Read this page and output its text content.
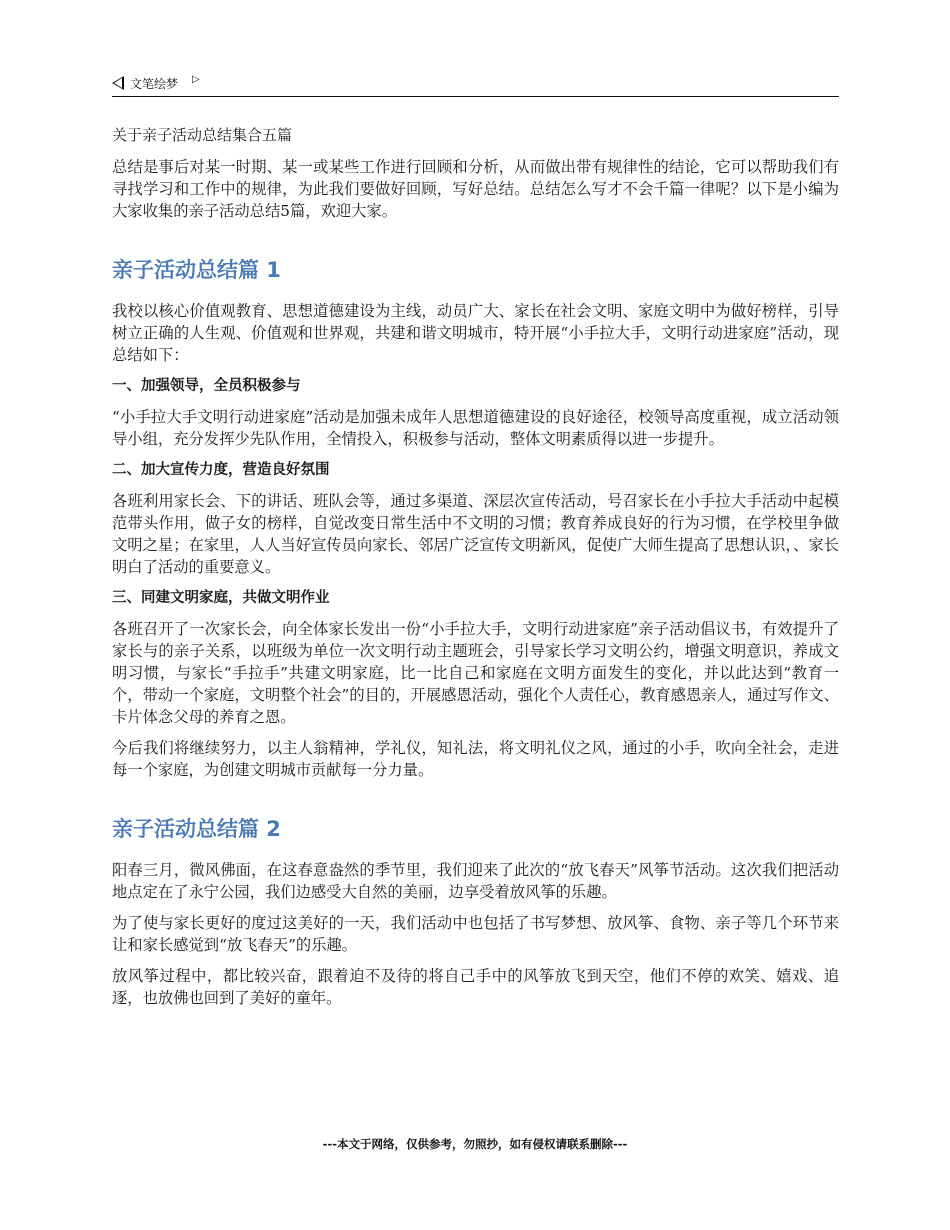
文笔绘梦 ▷
关于亲子活动总结集合五篇

总结是事后对某一时期、某一或某些工作进行回顾和分析，从而做出带有规律性的结论，它可以帮助我们有寻找学习和工作中的规律，为此我们要做好回顾，写好总结。总结怎么写才不会千篇一律呢？以下是小编为大家收集的亲子活动总结5篇，欢迎大家。

亲子活动总结篇 1

我校以核心价值观教育、思想道德建设为主线，动员广大、家长在社会文明、家庭文明中为做好榜样，引导树立正确的人生观、价值观和世界观，共建和谐文明城市，特开展“小手拉大手，文明行动进家庭”活动，现总结如下：

一、加强领导，全员积极参与

“小手拉大手文明行动进家庭”活动是加强未成年人思想道德建设的良好途径，校领导高度重视，成立活动领导小组，充分发挥少先队作用，全情投入，积极参与活动，整体文明素质得以进一步提升。

二、加大宣传力度，营造良好氛围

各班利用家长会、下的讲话、班队会等，通过多渠道、深层次宣传活动，号召家长在小手拉大手活动中起模范带头作用，做子女的榜样，自觉改变日常生活中不文明的习惯；教育养成良好的行为习惯，在学校里争做文明之星；在家里，人人当好宣传员向家长、邻居广泛宣传文明新风，促使广大师生提高了思想认识，、家长明白了活动的重要意义。

三、同建文明家庭，共做文明作业

各班召开了一次家长会，向全体家长发出一份“小手拉大手，文明行动进家庭”亲子活动倡议书，有效提升了家长与的亲子关系，以班级为单位一次文明行动主题班会，引导家长学习文明公约，增强文明意识，养成文明习惯，与家长“手拉手”共建文明家庭，比一比自己和家庭在文明方面发生的变化，并以此达到“教育一个，带动一个家庭，文明整个社会”的目的，开展感恩活动，强化个人责任心，教育感恩亲人，通过写作文、卡片体念父母的养育之恩。

今后我们将继续努力，以主人翁精神，学礼仪，知礼法，将文明礼仪之风，通过的小手，吹向全社会，走进每一个家庭，为创建文明城市贡献每一分力量。

亲子活动总结篇 2

阳春三月，微风佛面，在这春意盎然的季节里，我们迎来了此次的“放飞春天”风筝节活动。这次我们把活动地点定在了永宁公园，我们边感受大自然的美丽，边享受着放风筝的乐趣。

为了使与家长更好的度过这美好的一天，我们活动中也包括了书写梦想、放风筝、食物、亲子等几个环节来让和家长感觉到“放飞春天”的乐趣。

放风筝过程中，都比较兴奋，跟着迫不及待的将自己手中的风筝放飞到天空，他们不停的欢笑、嬉戏、追逐，也放佛也回到了美好的童年。

---本文于网络，仅供参考，勿照抄，如有侵权请联系删除---
